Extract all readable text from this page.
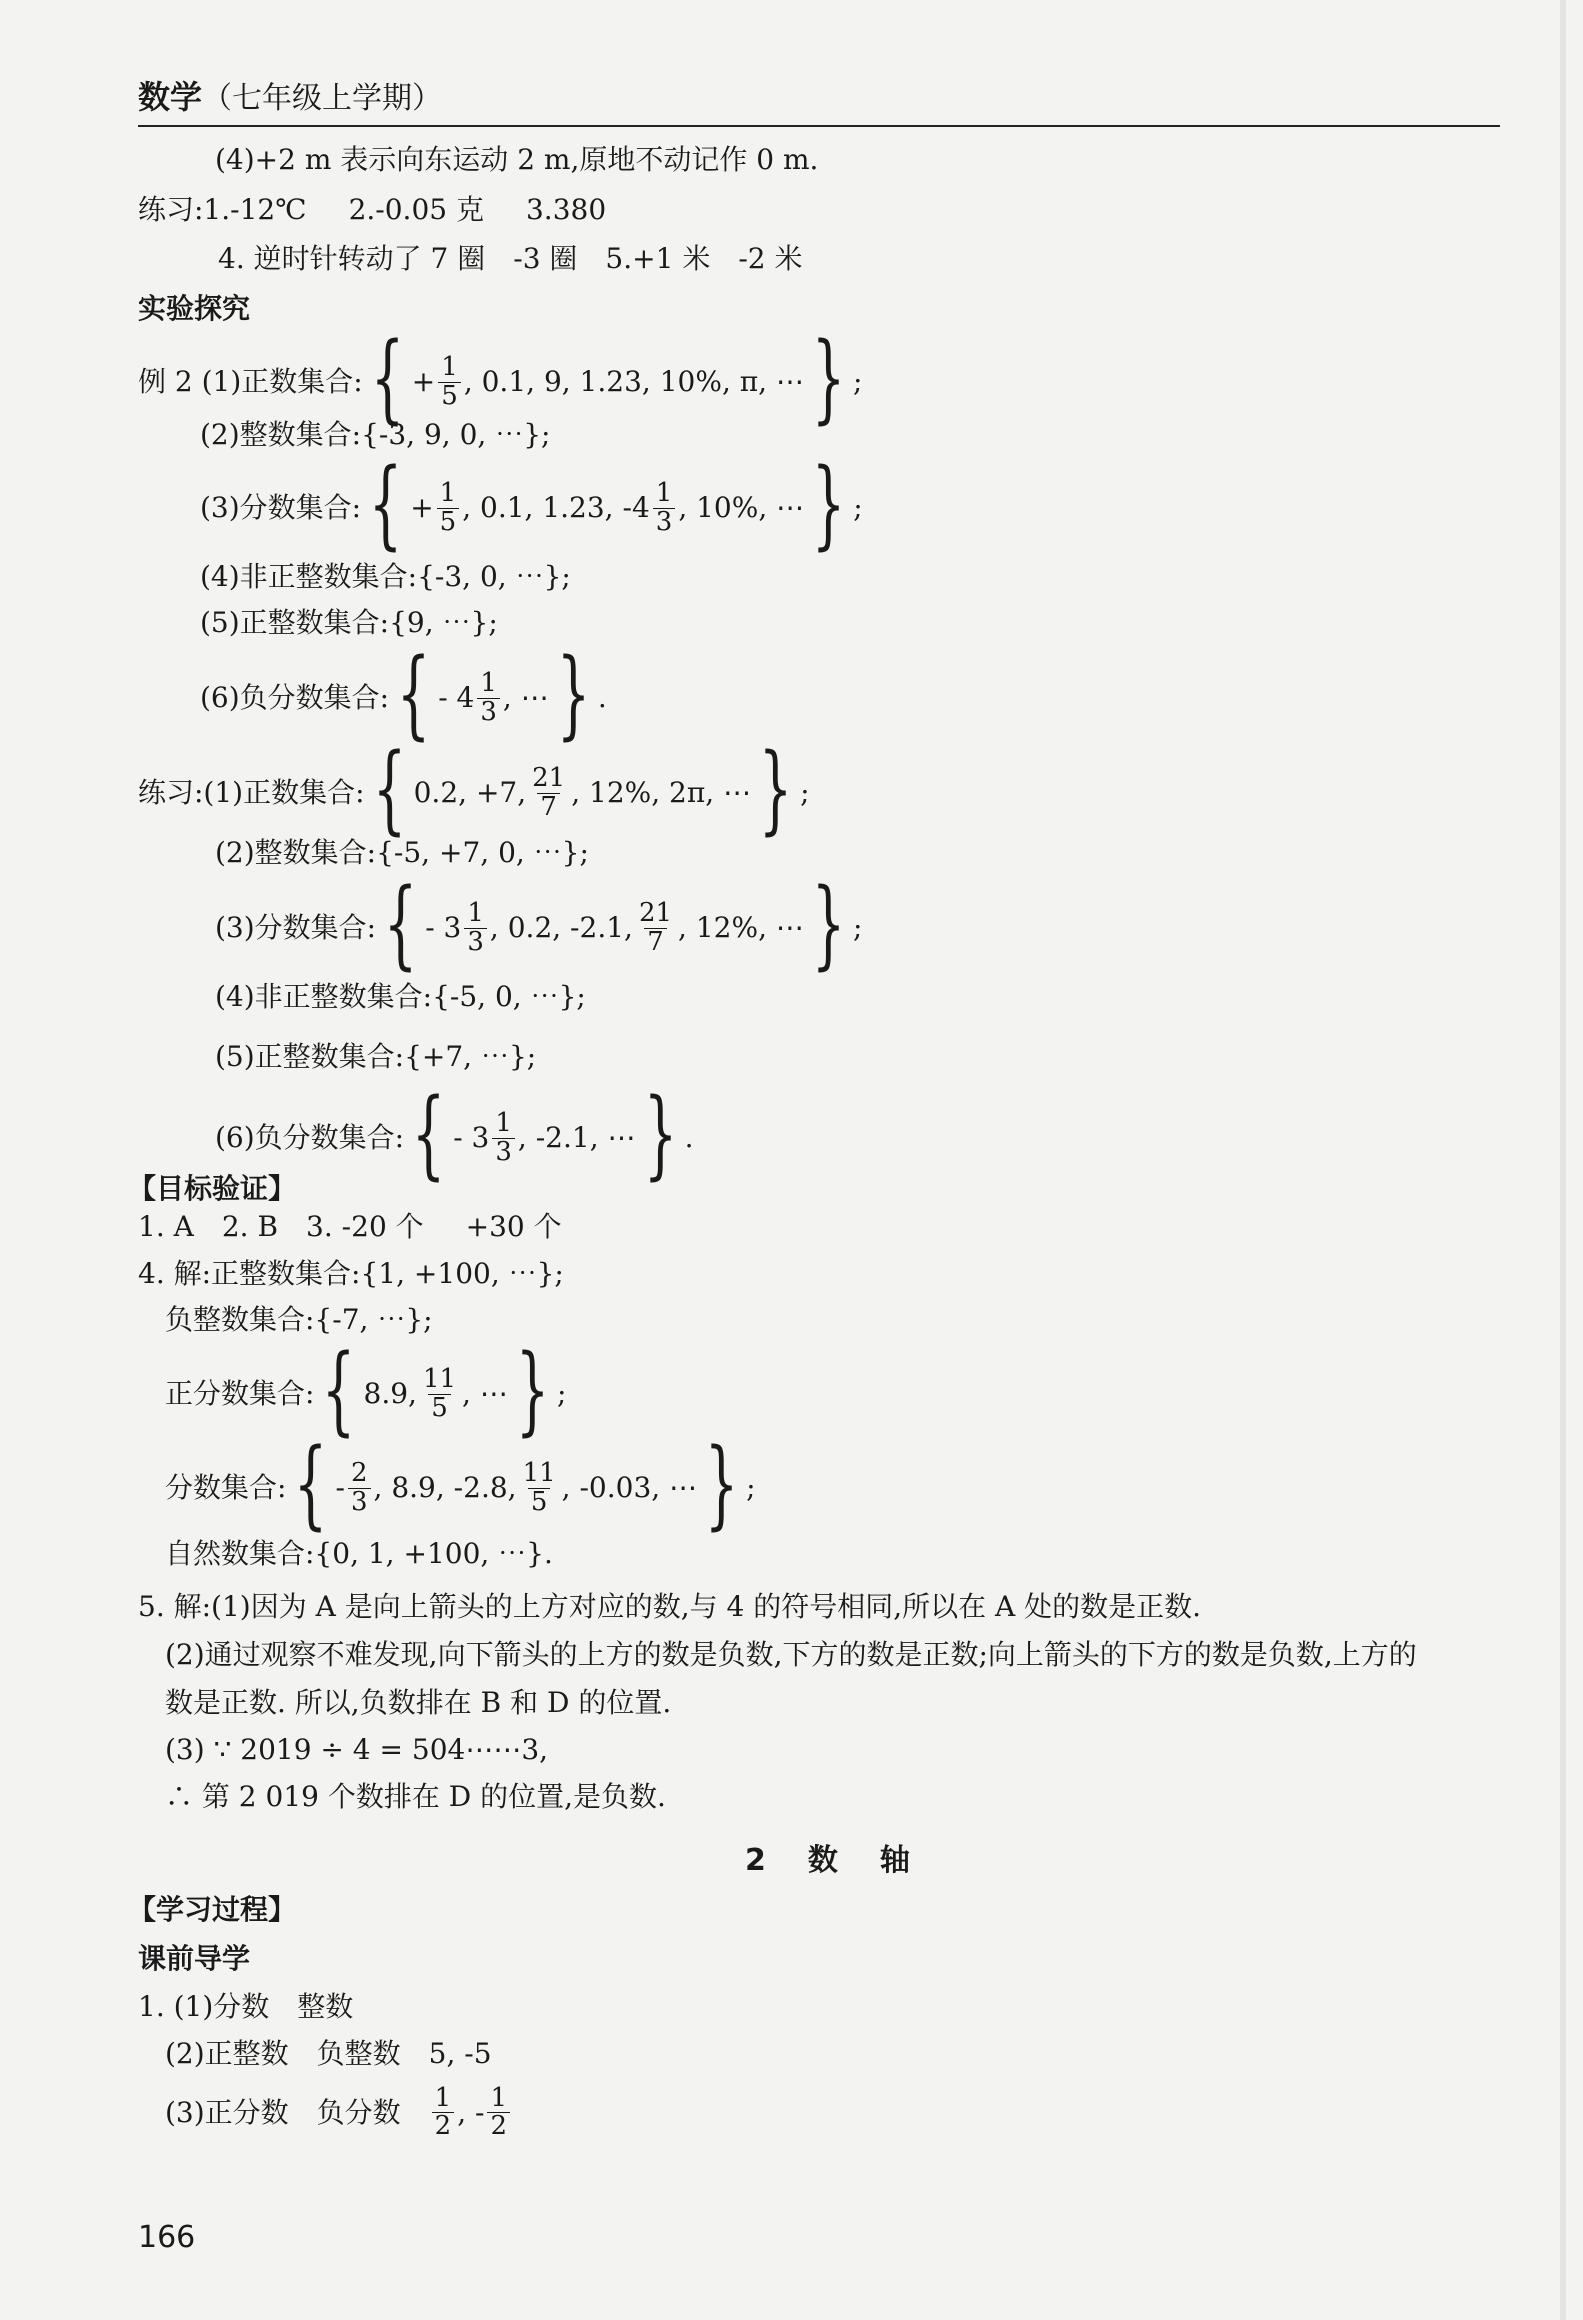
数学（七年级上学期）
(4)+2 m 表示向东运动 2 m,原地不动记作 0 m.
练习:1.-12℃ 2.-0.05 克 3.380
4. 逆时针转动了 7 圈 -3 圈 5.+1 米 -2 米
实验探究
例 2 (1)正数集合: { + $\frac{1}{5}$ , 0.1, 9, 1.23, 10%, π, ⋯ } ;
(2)整数集合:{-3, 9, 0, ⋯};
(3)分数集合: { + $\frac{1}{5}$ , 0.1, 1.23, $-4 \frac{1}{3}$ , 10%, ⋯ } ;
(4)非正整数集合:{-3, 0, ⋯};
(5)正整数集合:{9, ⋯};
(6)负分数集合: { - $4 \frac{1}{3}$ , ⋯ } .
练习:(1)正数集合: { 0.2, +7, $\frac{21}{7}$ , 12%, 2π, ⋯ } ;
(2)整数集合:{-5, +7, 0, ⋯};
(3)分数集合: { - $3 \frac{1}{3}$ , 0.2, -2.1, $\frac{21}{7}$ , 12%, ⋯ } ;
(4)非正整数集合:{-5, 0, ⋯};
(5)正整数集合:{+7, ⋯};
(6)负分数集合: { - $3 \frac{1}{3}$ , -2.1, ⋯ } .
【目标验证】
1. A 2. B 3. -20 个 +30 个
4. 解:正整数集合:{1, +100, ⋯};
负整数集合:{-7, ⋯};
正分数集合: { 8.9, $\frac{11}{5}$ , ⋯ } ;
分数集合: { - $\frac{2}{3}$ , 8.9, -2.8, $\frac{11}{5}$ , -0.03, ⋯ } ;
自然数集合:{0, 1, +100, ⋯}.
5. 解:(1)因为 A 是向上箭头的上方对应的数,与 4 的符号相同,所以在 A 处的数是正数.
(2)通过观察不难发现,向下箭头的上方的数是负数,下方的数是正数;向上箭头的下方的数是负数,上方的
数是正数. 所以,负数排在 B 和 D 的位置.
(3) ∵ 2019 ÷ 4 = 504⋯⋯3,
∴ 第 2 019 个数排在 D 的位置,是负数.
2　数　轴
【学习过程】
课前导学
1. (1)分数　整数
(2)正整数　负整数　5, -5
(3)正分数　负分数 $\frac{1}{2}$ , - $\frac{1}{2}$
166
